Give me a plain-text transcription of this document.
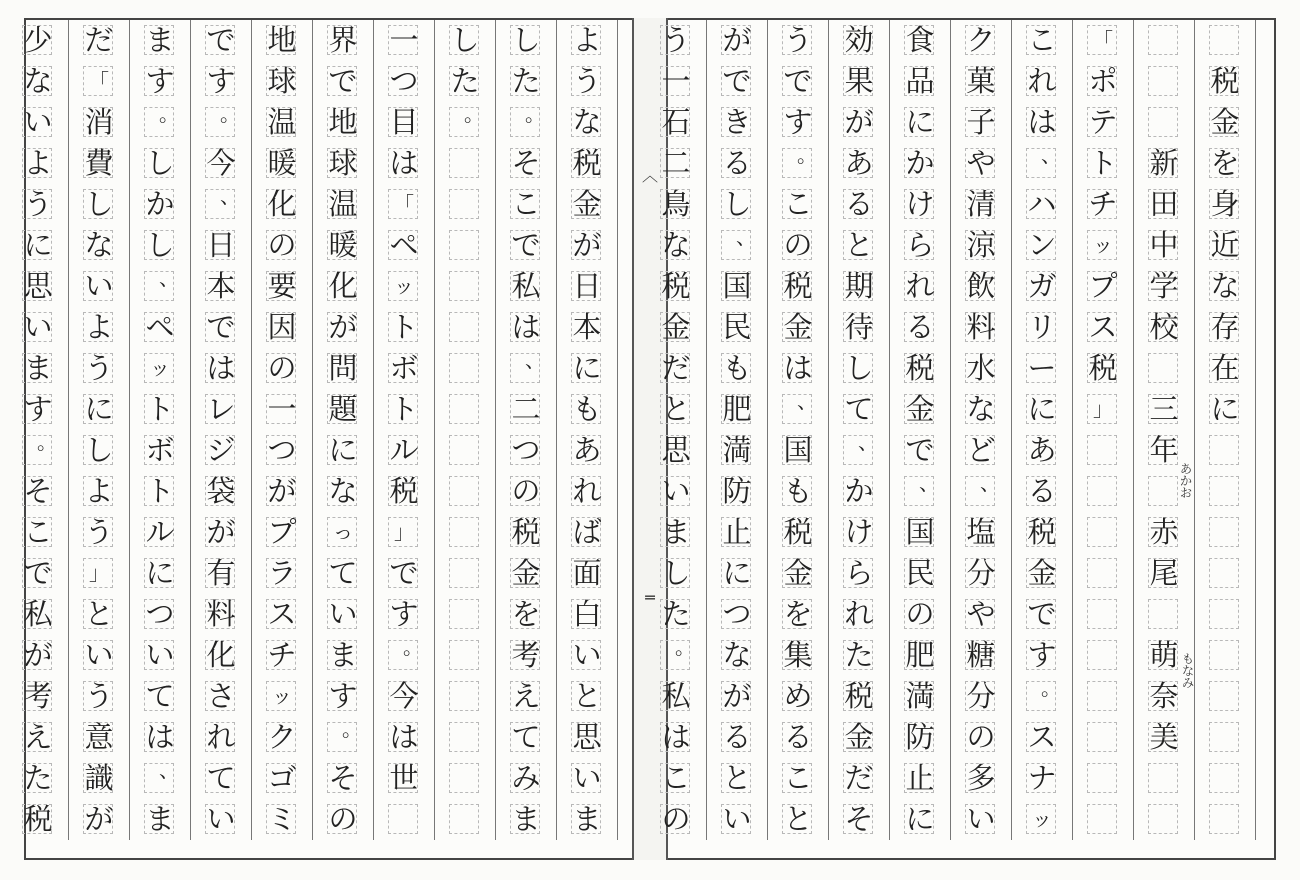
︿
═
税
金
を
身
近
な
存
在
に
新
田
中
学
校
三
年
赤
尾
萌
奈
美
あかお
もなみ
「
ポ
テ
ト
チ
ッ
プ
ス
税
」
こ
れ
は
、
ハ
ン
ガ
リ
ー
に
あ
る
税
金
で
す
。
ス
ナ
ッ
ク
菓
子
や
清
涼
飲
料
水
な
ど
、
塩
分
や
糖
分
の
多
い
食
品
に
か
け
ら
れ
る
税
金
で
、
国
民
の
肥
満
防
止
に
効
果
が
あ
る
と
期
待
し
て
、
か
け
ら
れ
た
税
金
だ
そ
う
で
す
。
こ
の
税
金
は
、
国
も
税
金
を
集
め
る
こ
と
が
で
き
る
し
、
国
民
も
肥
満
防
止
に
つ
な
が
る
と
い
う
一
石
二
鳥
な
税
金
だ
と
思
い
ま
し
た
。
私
は
こ
の
よ
う
な
税
金
が
日
本
に
も
あ
れ
ば
面
白
い
と
思
い
ま
し
た
。
そ
こ
で
私
は
、
二
つ
の
税
金
を
考
え
て
み
ま
し
た
。
一
つ
目
は
「
ペ
ッ
ト
ボ
ト
ル
税
」
で
す
。
今
は
世
界
で
地
球
温
暖
化
が
問
題
に
な
っ
て
い
ま
す
。
そ
の
地
球
温
暖
化
の
要
因
の
一
つ
が
プ
ラ
ス
チ
ッ
ク
ゴ
ミ
で
す
。
今
、
日
本
で
は
レ
ジ
袋
が
有
料
化
さ
れ
て
い
ま
す
。
し
か
し
、
ペ
ッ
ト
ボ
ト
ル
に
つ
い
て
は
、
ま
だ
「
消
費
し
な
い
よ
う
に
し
よ
う
」
と
い
う
意
識
が
少
な
い
よ
う
に
思
い
ま
す
。
そ
こ
で
私
が
考
え
た
税
